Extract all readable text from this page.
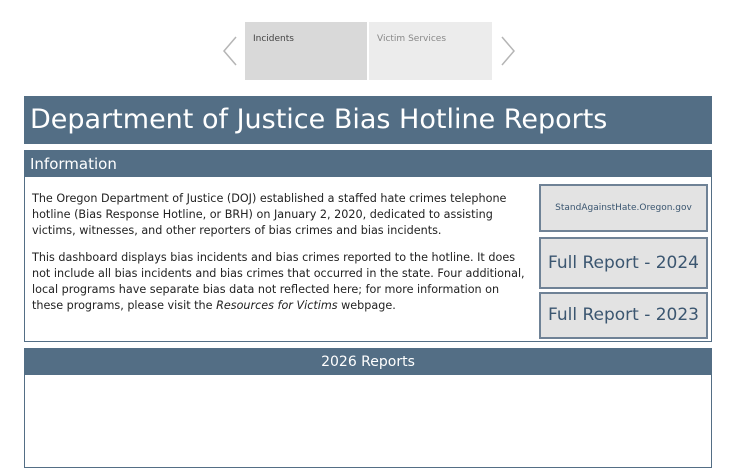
Incidents	Victim Services
Department of Justice Bias Hotline Reports
Information

The Oregon Department of Justice (DOJ) established a staffed hate crimes telephone hotline (Bias Response Hotline, or BRH) on January 2, 2020, dedicated to assisting victims, witnesses, and other reporters of bias crimes and bias incidents.

This dashboard displays bias incidents and bias crimes reported to the hotline. It does not include all bias incidents and bias crimes that occurred in the state. Four additional, local programs have separate bias data not reflected here; for more information on these programs, please visit the Resources for Victims webpage.

StandAgainstHate.Oregon.gov
Full Report - 2024
Full Report - 2023
2026 Reports
